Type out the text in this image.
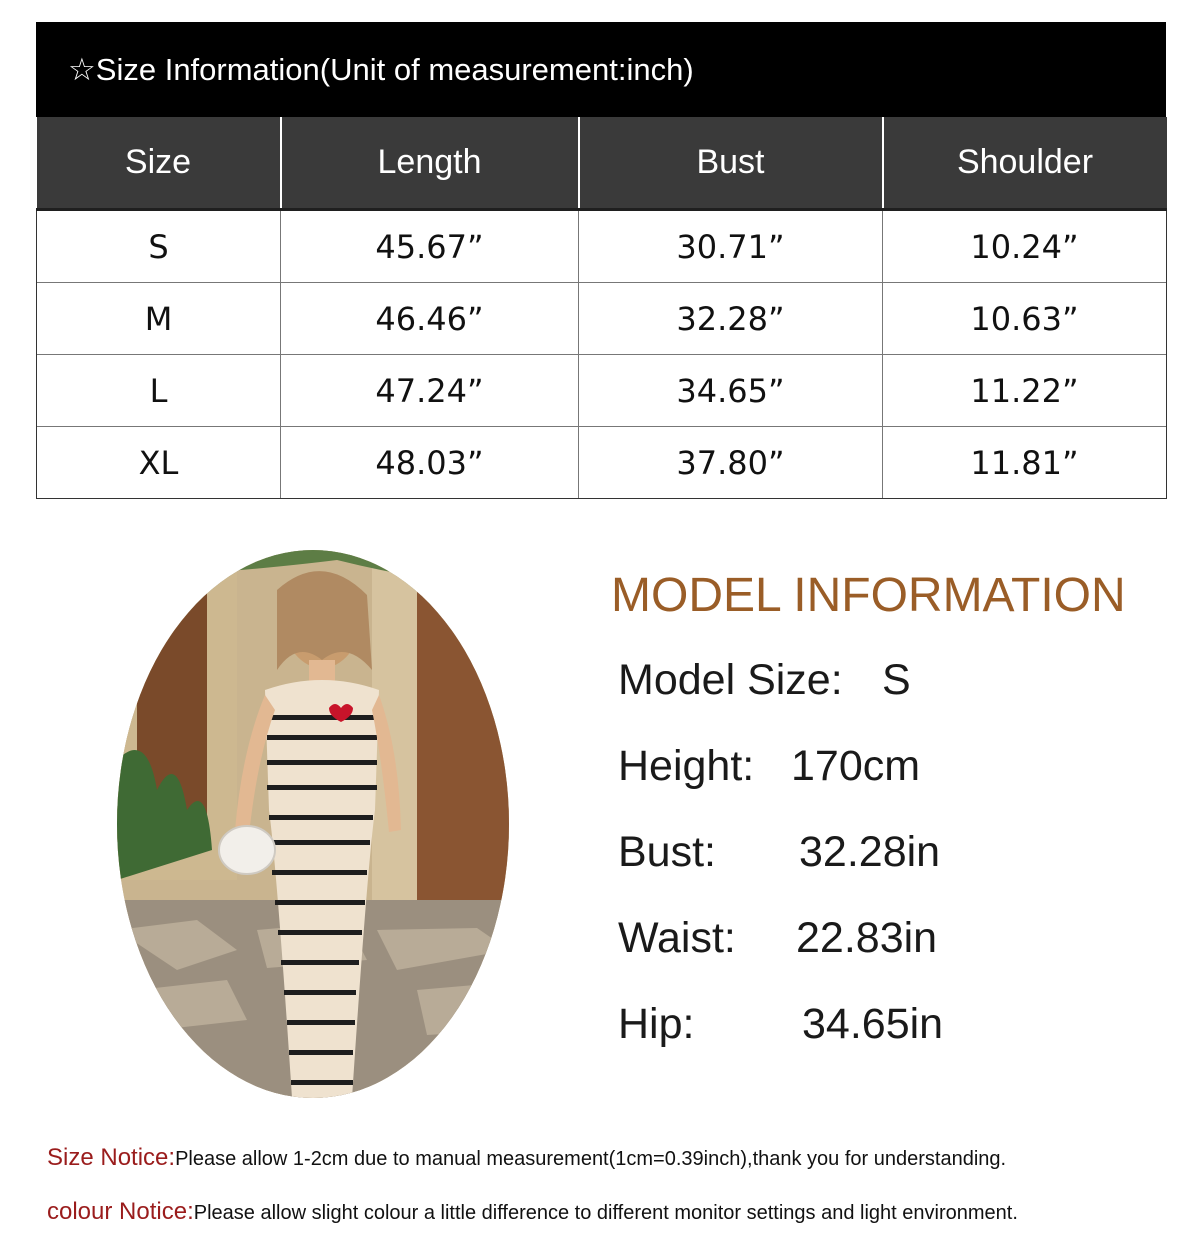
☆Size Information(Unit of measurement:inch)
Size	Length	Bust	Shoulder
S	45.67”	30.71”	10.24”
M	46.46”	32.28”	10.63”
L	47.24”	34.65”	11.22”
XL	48.03”	37.80”	11.81”
MODEL INFORMATION
Model Size: S
Height: 170cm
Bust: 32.28in
Waist: 22.83in
Hip:	34.65in
Size Notice:Please allow 1-2cm due to manual measurement(1cm=0.39inch),thank you for understanding.
colour Notice:Please allow slight colour a little difference to different monitor settings and light environment.
